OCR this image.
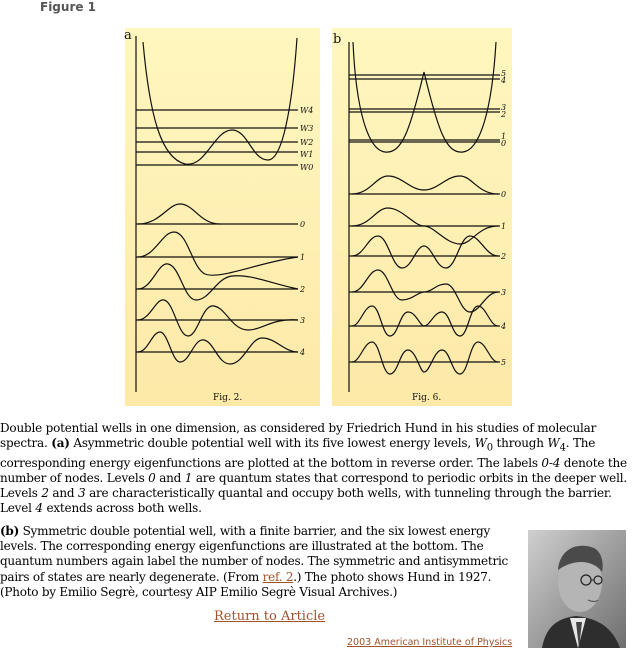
Figure 1
a	b
Fig. 2.	Fig. 6.
W4
W3
W2
W1
W0
0
1
2
3
4
5
4
3
2
1
0
0
1
2
3
4
5
Double potential wells in one dimension, as considered by Friedrich Hund in his studies of molecular spectra. (a) Asymmetric double potential well with its five lowest energy levels, $W_0$ through $W_4$. The corresponding energy eigenfunctions are plotted at the bottom in reverse order. The labels 0-4 denote the number of nodes. Levels 0 and 1 are quantum states that correspond to periodic orbits in the deeper well. Levels 2 and 3 are characteristically quantal and occupy both wells, with tunneling through the barrier. Level 4 extends across both wells.
(b) Symmetric double potential well, with a finite barrier, and the six lowest energy levels. The corresponding energy eigenfunctions are illustrated at the bottom. The quantum numbers again label the number of nodes. The symmetric and antisymmetric pairs of states are nearly degenerate. (From ref. 2.) The photo shows Hund in 1927. (Photo by Emilio Segrè, courtesy AIP Emilio Segrè Visual Archives.)
Return to Article
2003 American Institute of Physics
